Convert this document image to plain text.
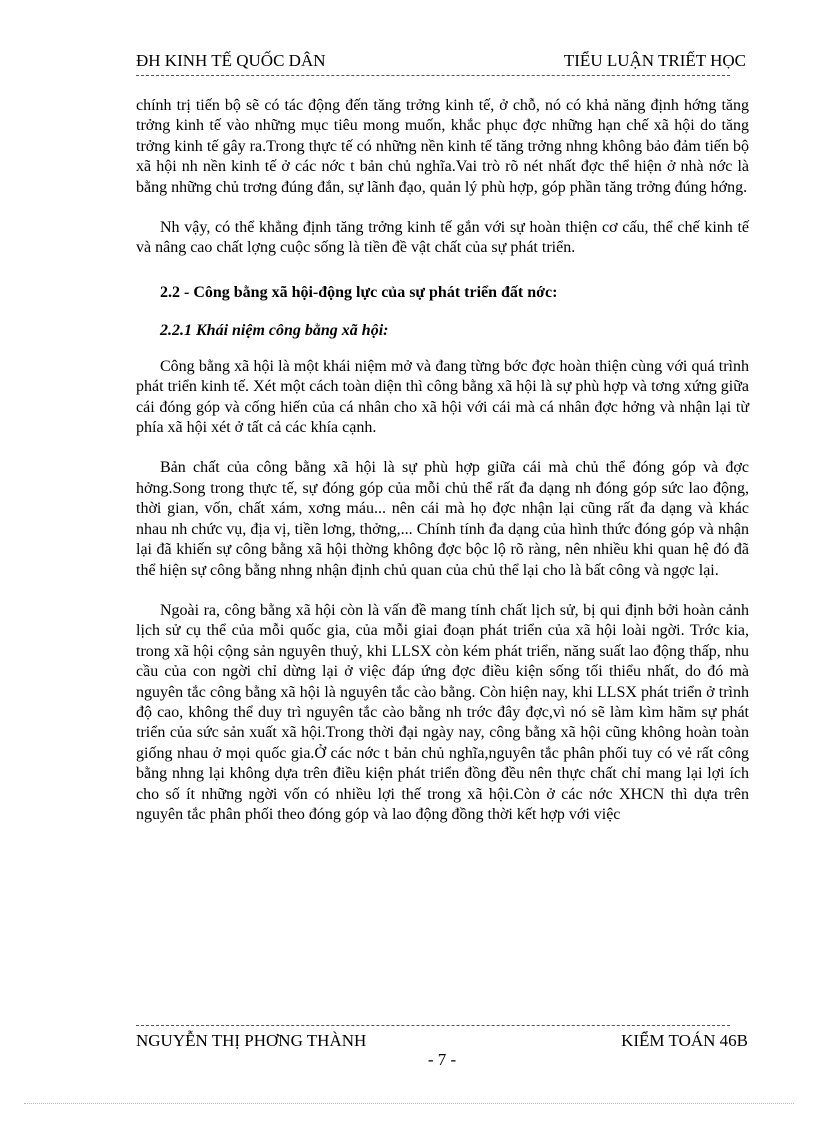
ĐH KINH TẾ QUỐC DÂN	TIỂU LUẬN TRIẾT HỌC

chính trị tiến bộ sẽ có tác động đến tăng trởng kinh tế, ở chỗ, nó có khả năng định hớng tăng trởng kinh tế vào những mục tiêu mong muốn, khắc phục đợc những hạn chế xã hội do tăng trởng kinh tế gây ra.Trong thực tế có những nền kinh tế tăng trởng nhng không bảo đảm tiến bộ xã hội nh nền kinh tế ở các nớc t bản chủ nghĩa.Vai trò rõ nét nhất đợc thể hiện ở nhà nớc là bằng những chủ trơng đúng đắn, sự lãnh đạo, quản lý phù hợp, góp phần tăng trởng đúng hớng.

Nh vậy, có thể khẳng định tăng trởng kinh tế gắn với sự hoàn thiện cơ cấu, thể chế kinh tế và nâng cao chất lợng cuộc sống là tiền đề vật chất của sự phát triển.

2.2 - Công bằng xã hội-động lực của sự phát triển đất nớc:
2.2.1 Khái niệm công bằng xã hội:

Công bằng xã hội là một khái niệm mở và đang từng bớc đợc hoàn thiện cùng với quá trình phát triển kinh tế. Xét một cách toàn diện thì công bằng xã hội là sự phù hợp và tơng xứng giữa cái đóng góp và cống hiến của cá nhân cho xã hội với cái mà cá nhân đợc hởng và nhận lại từ phía xã hội xét ở tất cả các khía cạnh.

Bản chất của công bằng xã hội là sự phù hợp giữa cái mà chủ thể đóng góp và đợc hởng.Song trong thực tế, sự đóng góp của mỗi chủ thể rất đa dạng nh đóng góp sức lao động, thời gian, vốn, chất xám, xơng máu... nên cái mà họ đợc nhận lại cũng rất đa dạng và khác nhau nh chức vụ, địa vị, tiền lơng, thởng,... Chính tính đa dạng của hình thức đóng góp và nhận lại đã khiến sự công bằng xã hội thờng không đợc bộc lộ rõ ràng, nên nhiều khi quan hệ đó đã thể hiện sự công bằng nhng nhận định chủ quan của chủ thể lại cho là bất công và ngợc lại.

Ngoài ra, công bằng xã hội còn là vấn đề mang tính chất lịch sử, bị qui định bởi hoàn cảnh lịch sử cụ thể của mỗi quốc gia, của mỗi giai đoạn phát triển của xã hội loài ngời. Trớc kia, trong xã hội cộng sản nguyên thuỷ, khi LLSX còn kém phát triển, năng suất lao động thấp, nhu cầu của con ngời chỉ dừng lại ở việc đáp ứng đợc điều kiện sống tối thiểu nhất, do đó mà nguyên tắc công bằng xã hội là nguyên tắc cào bằng. Còn hiện nay, khi LLSX phát triển ở trình độ cao, không thể duy trì nguyên tắc cào bằng nh trớc đây đợc,vì nó sẽ làm kìm hãm sự phát triển của sức sản xuất xã hội.Trong thời đại ngày nay, công bằng xã hội cũng không hoàn toàn giống nhau ở mọi quốc gia.Ở các nớc t bản chủ nghĩa,nguyên tắc phân phối tuy có vẻ rất công bằng nhng lại không dựa trên điều kiện phát triển đồng đều nên thực chất chỉ mang lại lợi ích cho số ít những ngời vốn có nhiều lợi thế trong xã hội.Còn ở các nớc XHCN thì dựa trên nguyên tắc phân phối theo đóng góp và lao động đồng thời kết hợp với việc

NGUYỄN THỊ PHƠNG THÀNH	KIỂM TOÁN 46B
- 7 -
